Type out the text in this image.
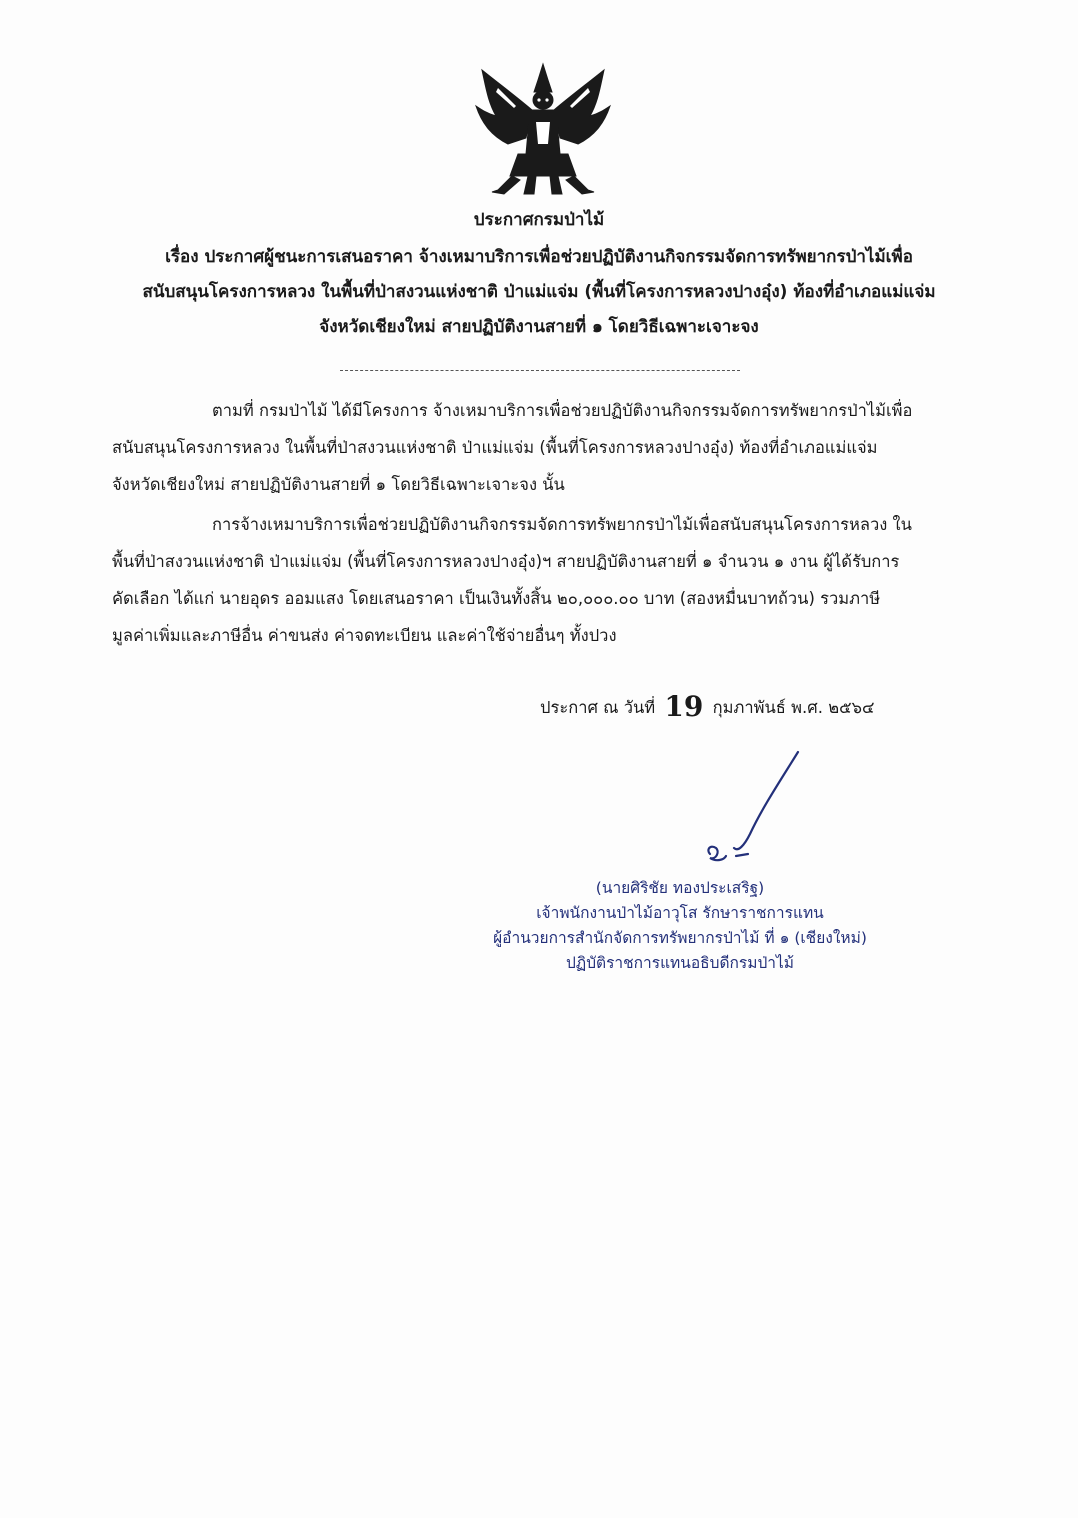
ประกาศกรมป่าไม้
เรื่อง ประกาศผู้ชนะการเสนอราคา จ้างเหมาบริการเพื่อช่วยปฏิบัติงานกิจกรรมจัดการทรัพยากรป่าไม้เพื่อ
สนับสนุนโครงการหลวง ในพื้นที่ป่าสงวนแห่งชาติ ป่าแม่แจ่ม (พื้นที่โครงการหลวงปางอุ๋ง) ท้องที่อำเภอแม่แจ่ม
จังหวัดเชียงใหม่ สายปฏิบัติงานสายที่ ๑ โดยวิธีเฉพาะเจาะจง
ตามที่ กรมป่าไม้ ได้มีโครงการ จ้างเหมาบริการเพื่อช่วยปฏิบัติงานกิจกรรมจัดการทรัพยากรป่าไม้เพื่อ
สนับสนุนโครงการหลวง ในพื้นที่ป่าสงวนแห่งชาติ ป่าแม่แจ่ม (พื้นที่โครงการหลวงปางอุ๋ง) ท้องที่อำเภอแม่แจ่ม
จังหวัดเชียงใหม่ สายปฏิบัติงานสายที่ ๑ โดยวิธีเฉพาะเจาะจง นั้น
การจ้างเหมาบริการเพื่อช่วยปฏิบัติงานกิจกรรมจัดการทรัพยากรป่าไม้เพื่อสนับสนุนโครงการหลวง ใน
พื้นที่ป่าสงวนแห่งชาติ ป่าแม่แจ่ม (พื้นที่โครงการหลวงปางอุ๋ง)ฯ สายปฏิบัติงานสายที่ ๑ จำนวน ๑ งาน ผู้ได้รับการ
คัดเลือก ได้แก่ นายอุดร ออมแสง โดยเสนอราคา เป็นเงินทั้งสิ้น ๒๐,๐๐๐.๐๐ บาท (สองหมื่นบาทถ้วน) รวมภาษี
มูลค่าเพิ่มและภาษีอื่น ค่าขนส่ง ค่าจดทะเบียน และค่าใช้จ่ายอื่นๆ ทั้งปวง
ประกาศ ณ วันที่ 19 กุมภาพันธ์ พ.ศ. ๒๕๖๔
(นายศิริชัย ทองประเสริฐ)
เจ้าพนักงานป่าไม้อาวุโส รักษาราชการแทน
ผู้อำนวยการสำนักจัดการทรัพยากรป่าไม้ ที่ ๑ (เชียงใหม่)
ปฏิบัติราชการแทนอธิบดีกรมป่าไม้
